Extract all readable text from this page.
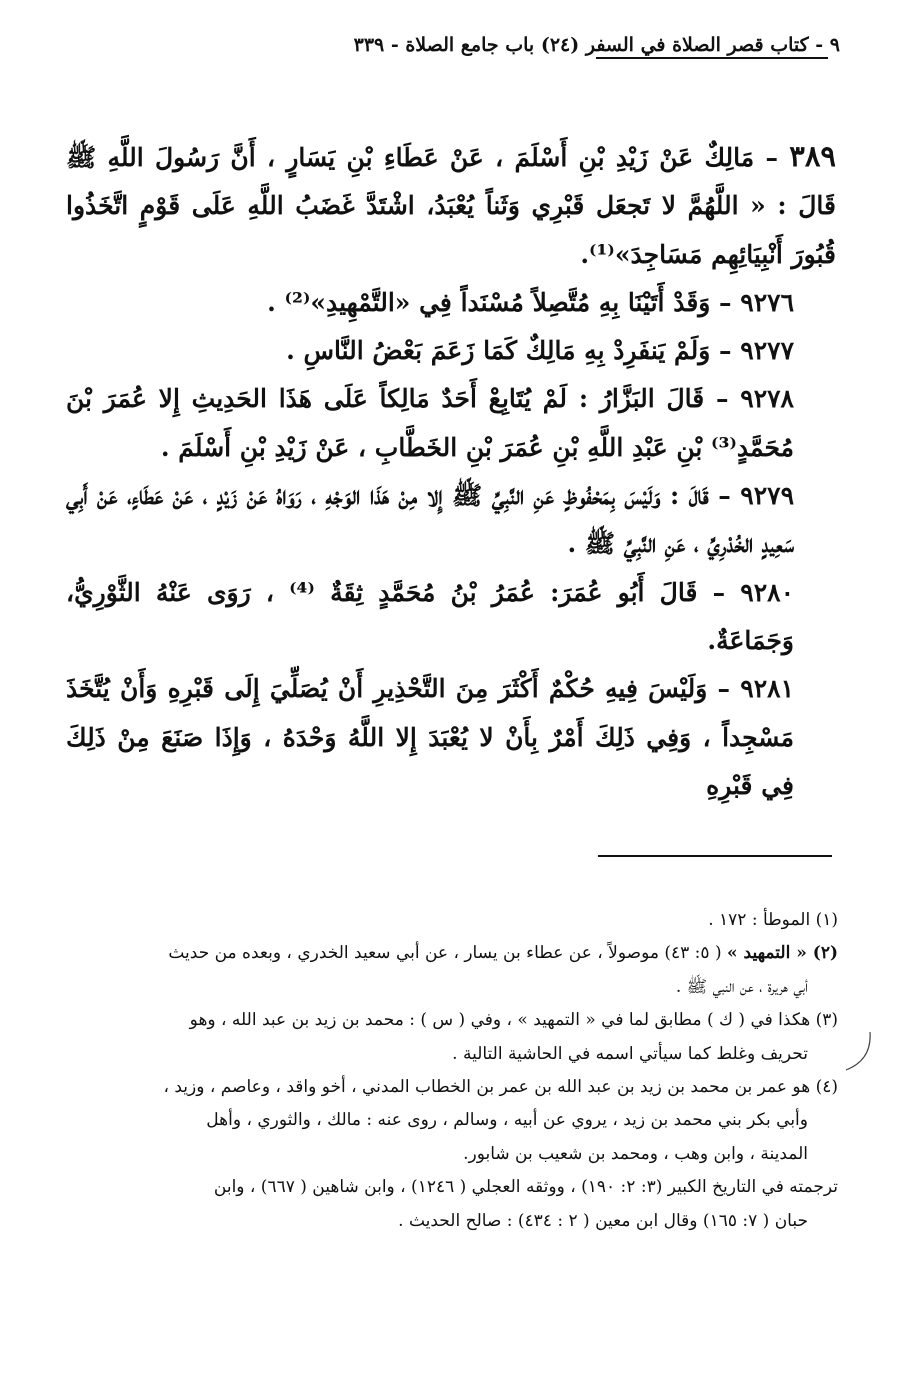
٩ - كتاب قصر الصلاة في السفر (٢٤) باب جامع الصلاة - ٣٣٩

٣٨٩ – مَالِكٌ عَنْ زَيْدِ بْنِ أَسْلَمَ ، عَنْ عَطَاءِ بْنِ يَسَارٍ ، أَنَّ رَسُولَ اللَّهِ ﷺ قَالَ : « اللَّهُمَّ لا تَجعَل قَبْرِي وَثَناً يُعْبَدُ، اشْتَدَّ غَضَبُ اللَّهِ عَلَى قَوْمٍ اتَّخَذُوا قُبُورَ أَنْبِيَائِهِم مَسَاجِدَ»⁽¹⁾.

٩٢٧٦ – وَقَدْ أَتَيْنَا بِهِ مُتَّصِلاً مُسْنَداً فِي «التَّمْهِيدِ»⁽²⁾ .

٩٢٧٧ – وَلَمْ يَنفَرِدْ بِهِ مَالِكٌ كَمَا زَعَمَ بَعْضُ النَّاسِ .

٩٢٧٨ – قَالَ البَزَّارُ : لَمْ يُتَابِعْ أَحَدٌ مَالِكاً عَلَى هَذَا الحَدِيثِ إِلا عُمَرَ بْنَ مُحَمَّدٍ⁽³⁾ بْنِ عَبْدِ اللَّهِ بْنِ عُمَرَ بْنِ الخَطَّابِ ، عَنْ زَيْدِ بْنِ أَسْلَمَ .

٩٢٧٩ – قَالَ : وَلَيْسَ بِمَحْفُوظٍ عَنِ النَّبِيِّ ﷺ إِلا مِنْ هَذَا الوَجْهِ ، رَوَاهُ عَنْ زَيْدٍ ، عَنْ عَطَاءٍ، عَنْ أَبِي سَعِيدٍ الخُدْرِيِّ ، عَنِ النَّبِيِّ ﷺ .

٩٢٨٠ – قَالَ أَبُو عُمَرَ: عُمَرُ بْنُ مُحَمَّدٍ ثِقَةٌ ⁽⁴⁾ ، رَوَى عَنْهُ الثَّوْرِيُّ، وَجَمَاعَةٌ.

٩٢٨١ – وَلَيْسَ فِيهِ حُكْمٌ أَكْثَرَ مِنَ التَّحْذِيرِ أَنْ يُصَلِّيَ إِلَى قَبْرِهِ وَأَنْ يُتَّخَذَ مَسْجِداً ، وَفِي ذَلِكَ أَمْرٌ بِأَنْ لا يُعْبَدَ إِلا اللَّهُ وَحْدَهُ ، وَإِذَا صَنَعَ مِنْ ذَلِكَ فِي قَبْرِهِ

(١) الموطأ : ١٧٢ .

(٢) « التمهيد » ( ٥: ٤٣) موصولاً ، عن عطاء بن يسار ، عن أبي سعيد الخدري ، وبعده من حديث

أبي هريرة ، عن النبي ﷺ .

(٣) هكذا في ( ك ) مطابق لما في « التمهيد » ، وفي ( س ) : محمد بن زيد بن عبد الله ، وهو

تحريف وغلط كما سيأتي اسمه في الحاشية التالية .

(٤) هو عمر بن محمد بن زيد بن عبد الله بن عمر بن الخطاب المدني ، أخو واقد ، وعاصم ، وزيد ،

وأبي بكر بني محمد بن زيد ، يروي عن أبيه ، وسالم ، روى عنه : مالك ، والثوري ، وأهل

المدينة ، وابن وهب ، ومحمد بن شعيب بن شابور.

ترجمته في التاريخ الكبير (٣: ٢: ١٩٠) ، ووثقه العجلي ( ١٢٤٦) ، وابن شاهين ( ٦٦٧) ، وابن

حبان ( ٧: ١٦٥) وقال ابن معين ( ٢ : ٤٣٤) : صالح الحديث .
